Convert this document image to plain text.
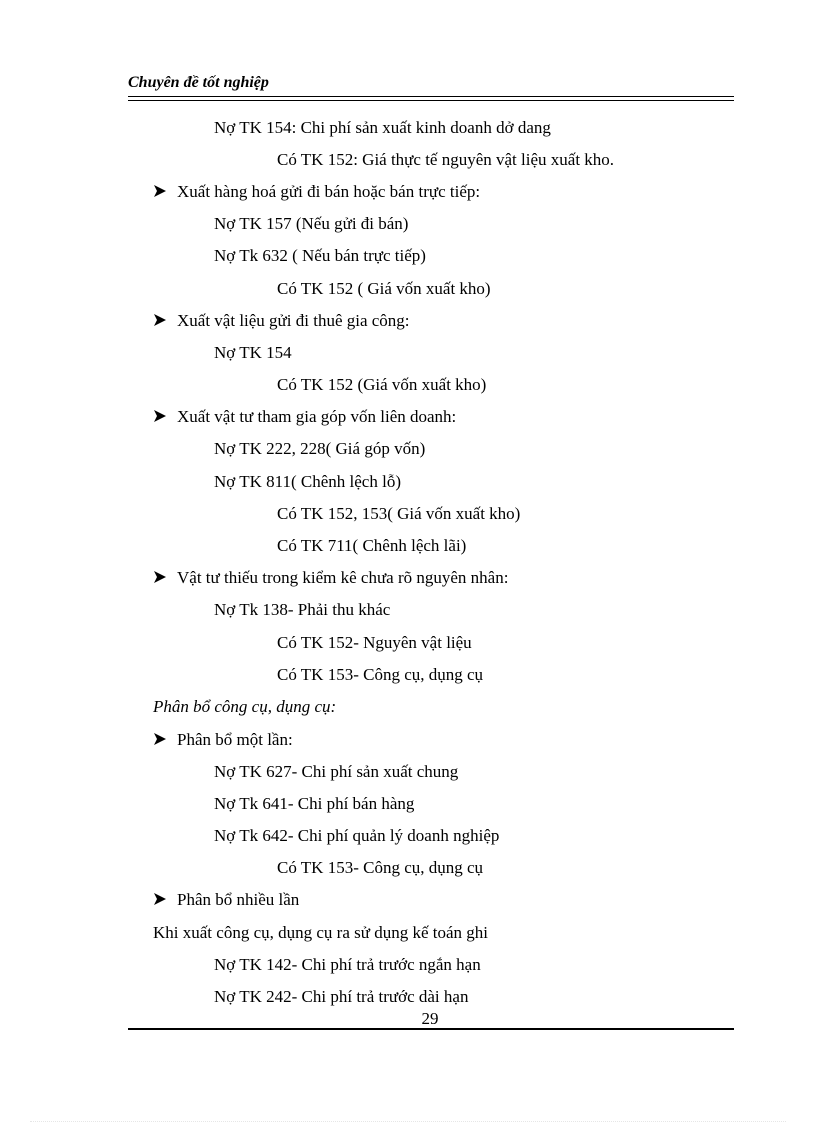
Chuyên đề tốt nghiệp
Nợ TK 154: Chi phí sản xuất kinh doanh dở dang
Có TK 152: Giá thực tế nguyên vật liệu xuất kho.
Xuất hàng hoá gửi đi bán hoặc bán trực tiếp:
Nợ TK 157 (Nếu gửi đi bán)
Nợ Tk 632 ( Nếu bán trực tiếp)
Có TK 152 ( Giá vốn xuất kho)
Xuất vật liệu gửi đi thuê gia công:
Nợ TK 154
Có TK 152 (Giá vốn xuất kho)
Xuất vật tư tham gia góp vốn liên doanh:
Nợ TK 222, 228( Giá góp vốn)
Nợ TK 811( Chênh lệch lỗ)
Có TK 152, 153( Giá vốn xuất kho)
Có TK 711( Chênh lệch lãi)
Vật tư thiếu trong kiểm kê chưa rõ nguyên nhân:
Nợ Tk 138- Phải thu khác
Có TK 152- Nguyên vật liệu
Có TK 153- Công cụ, dụng cụ
Phân bổ công cụ, dụng cụ:
Phân bổ một lần:
Nợ TK 627- Chi phí sản xuất chung
Nợ Tk 641- Chi phí bán hàng
Nợ Tk 642- Chi phí quản lý doanh nghiệp
Có TK 153- Công cụ, dụng cụ
Phân bổ nhiều lần
Khi xuất công cụ, dụng cụ ra sử dụng kế toán ghi
Nợ TK 142- Chi phí trả trước ngắn hạn
Nợ TK 242- Chi phí trả trước dài hạn
29
